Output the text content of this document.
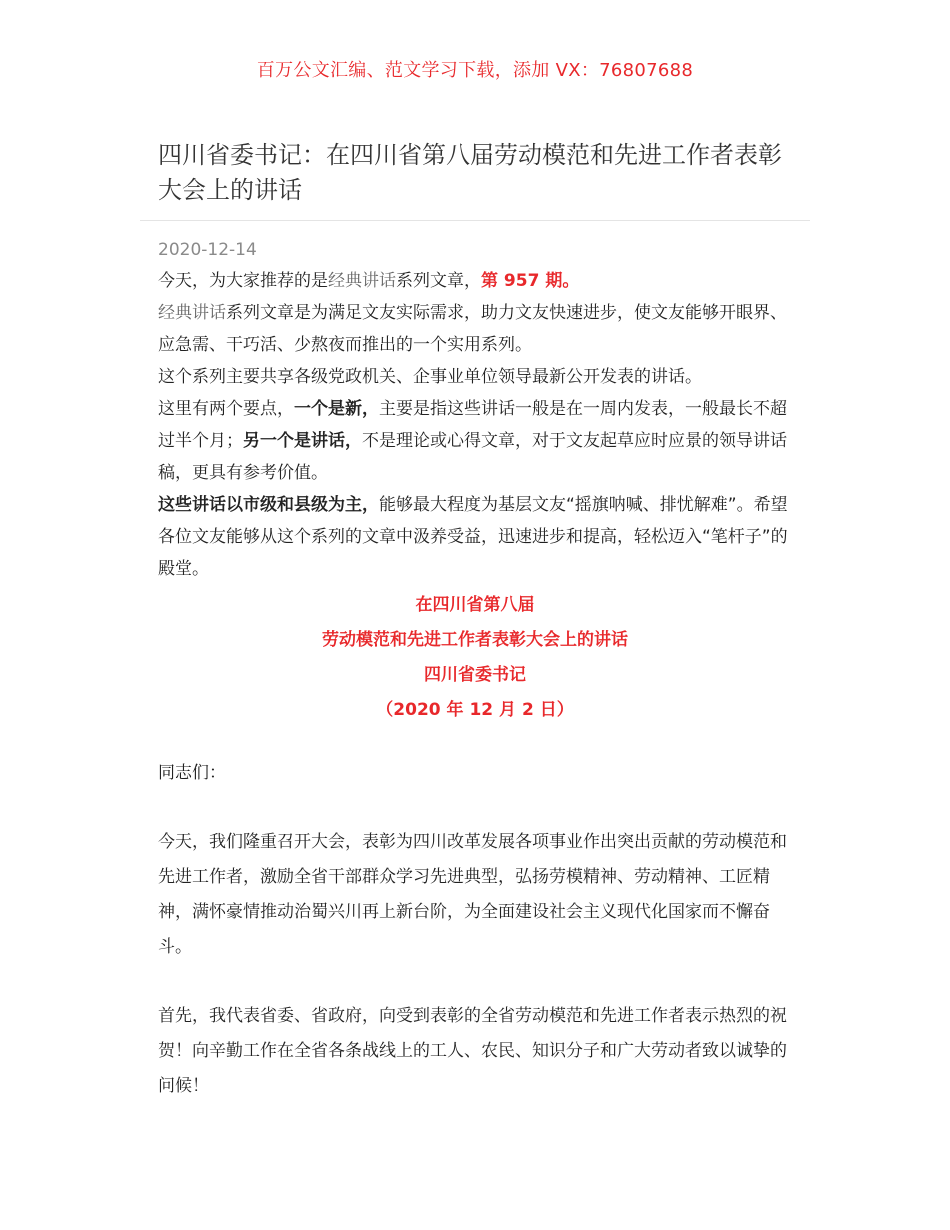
百万公文汇编、范文学习下载，添加 VX：76807688
四川省委书记：在四川省第八届劳动模范和先进工作者表彰大会上的讲话
2020-12-14

今天，为大家推荐的是经典讲话系列文章，第 957 期。

经典讲话系列文章是为满足文友实际需求，助力文友快速进步，使文友能够开眼界、应急需、干巧活、少熬夜而推出的一个实用系列。

这个系列主要共享各级党政机关、企事业单位领导最新公开发表的讲话。

这里有两个要点，一个是新，主要是指这些讲话一般是在一周内发表，一般最长不超过半个月；另一个是讲话，不是理论或心得文章，对于文友起草应时应景的领导讲话稿，更具有参考价值。

这些讲话以市级和县级为主，能够最大程度为基层文友“摇旗呐喊、排忧解难”。希望各位文友能够从这个系列的文章中汲养受益，迅速进步和提高，轻松迈入“笔杆子”的殿堂。

在四川省第八届
劳动模范和先进工作者表彰大会上的讲话
四川省委书记
（2020 年 12 月 2 日）

同志们：

今天，我们隆重召开大会，表彰为四川改革发展各项事业作出突出贡献的劳动模范和先进工作者，激励全省干部群众学习先进典型，弘扬劳模精神、劳动精神、工匠精神，满怀豪情推动治蜀兴川再上新台阶，为全面建设社会主义现代化国家而不懈奋斗。

首先，我代表省委、省政府，向受到表彰的全省劳动模范和先进工作者表示热烈的祝贺！向辛勤工作在全省各条战线上的工人、农民、知识分子和广大劳动者致以诚挚的问候！
